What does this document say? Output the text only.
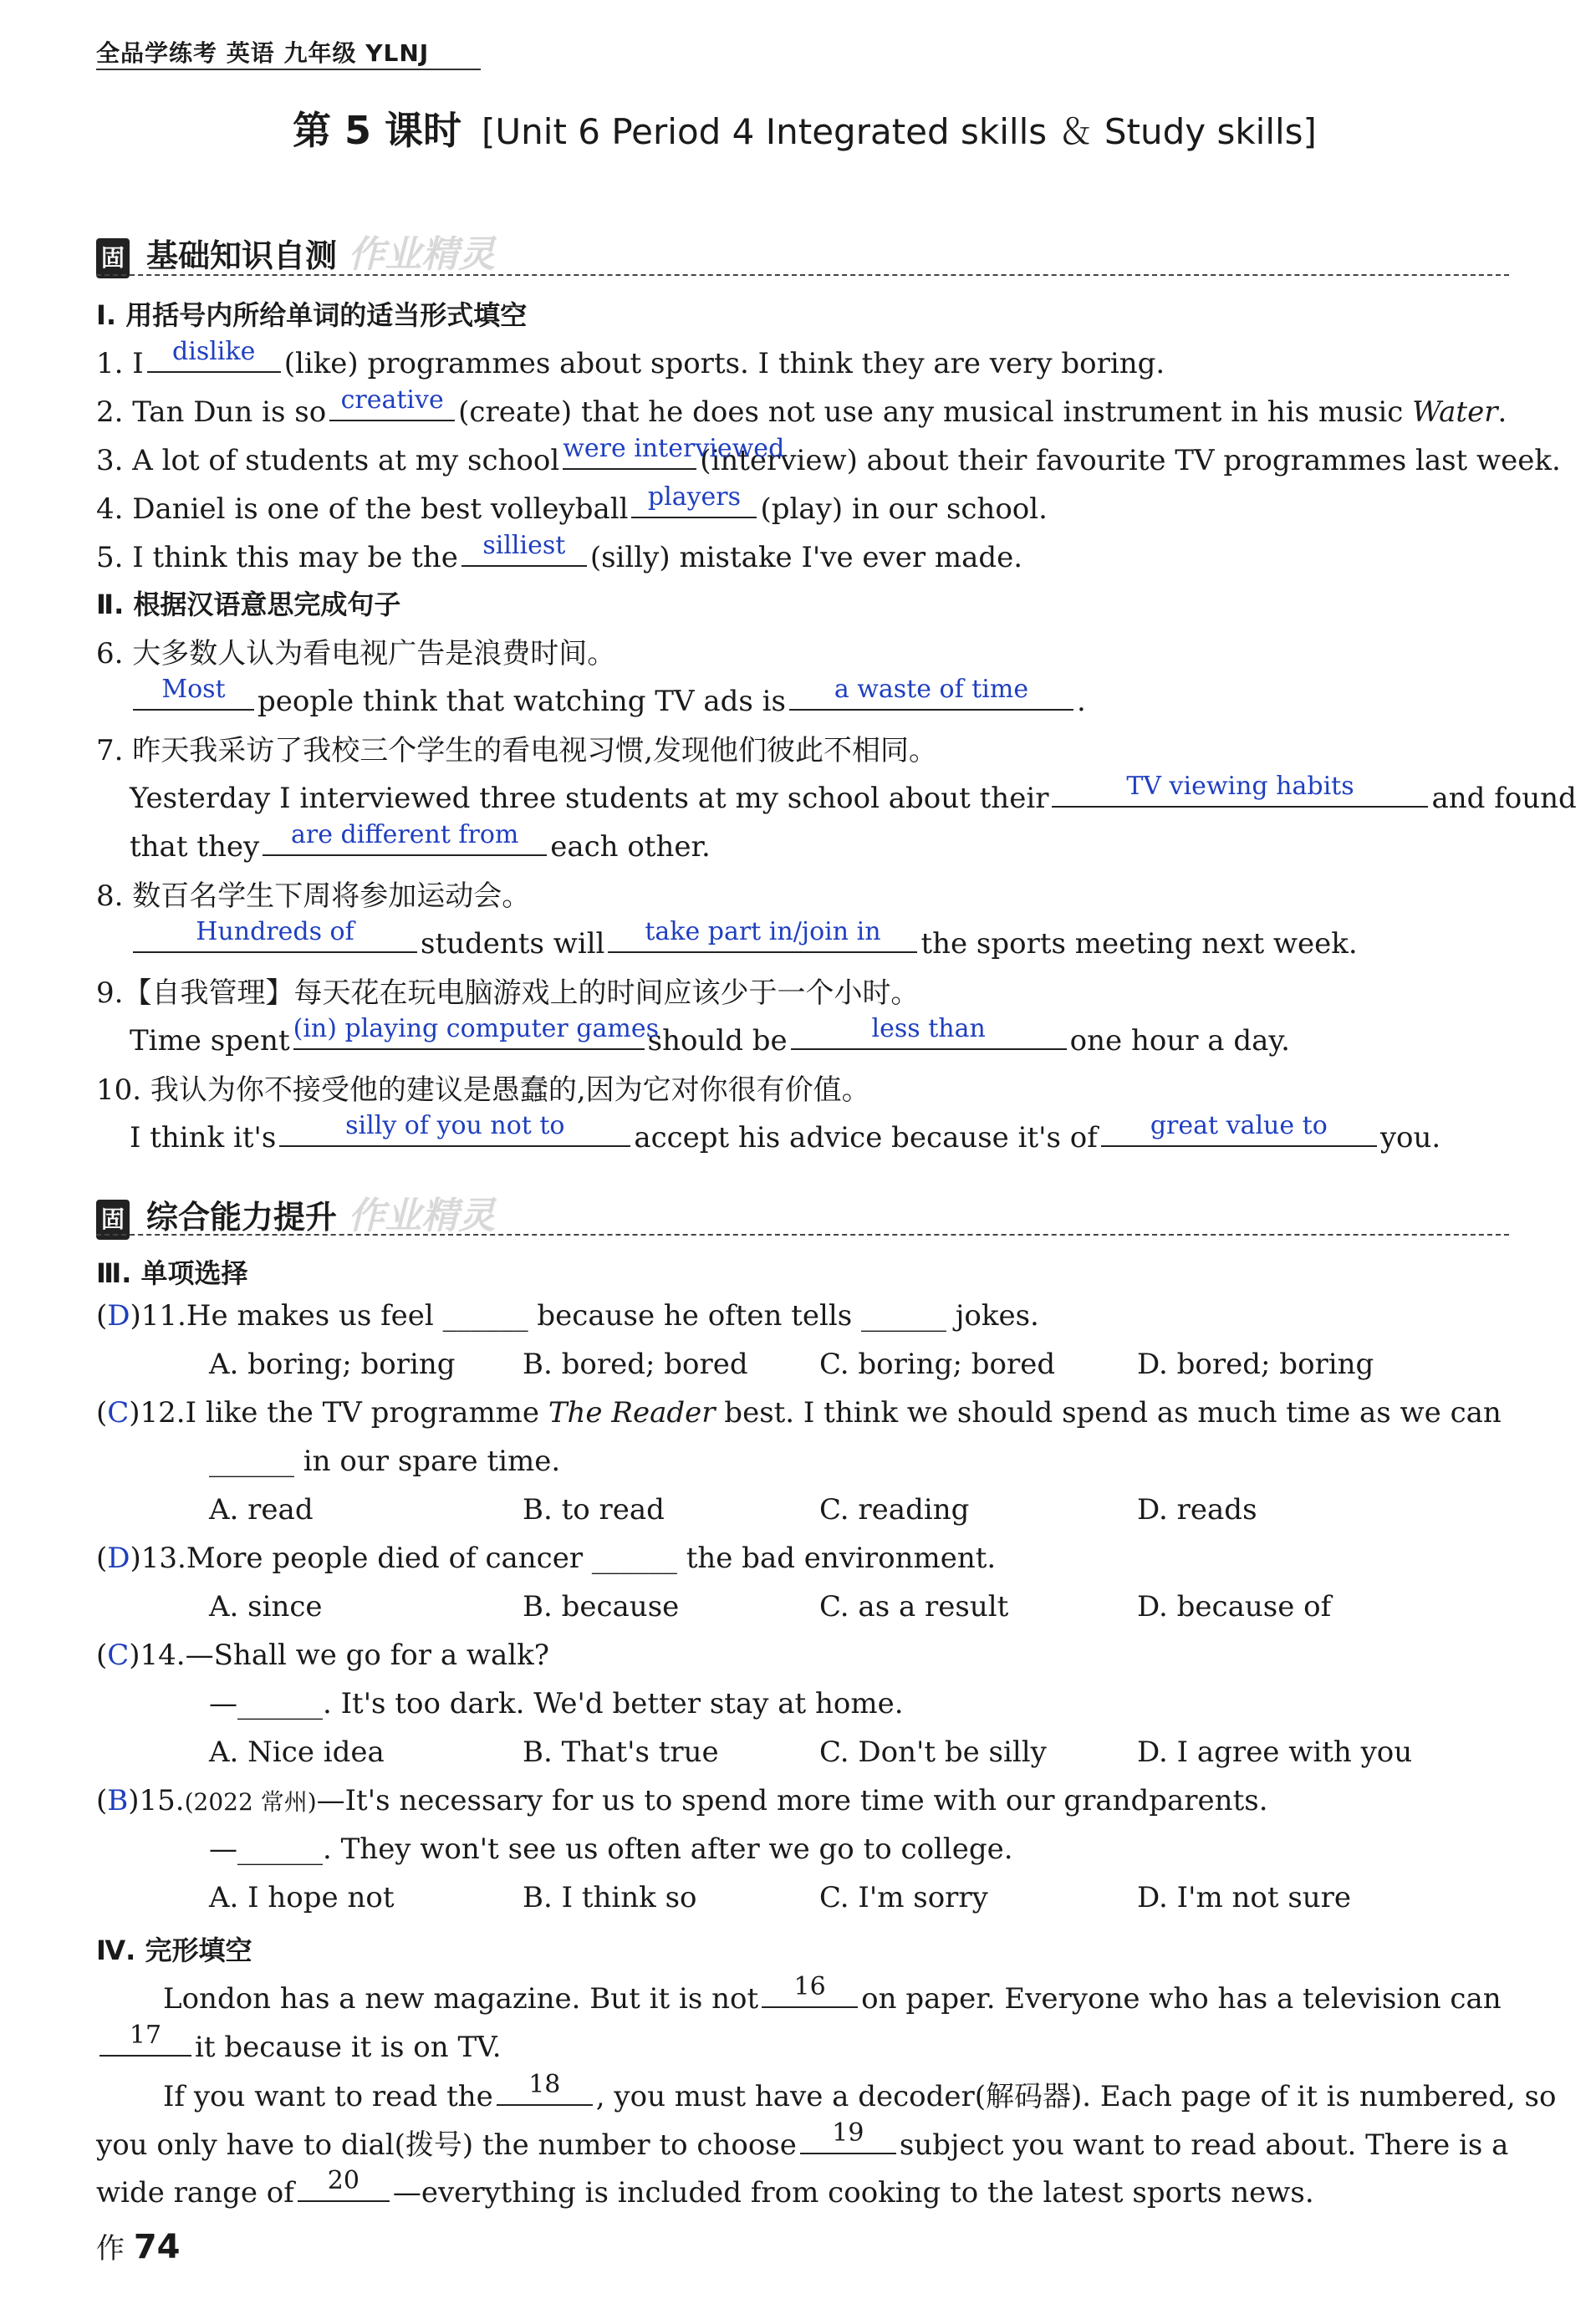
全品学练考 英语 九年级 YLNJ
第 5 课时 [Unit 6 Period 4 Integrated skills ＆ Study skills]
固 基础知识自测 作业精灵
Ⅰ. 用括号内所给单词的适当形式填空
1. I	dislike	(like) programmes about sports. I think they are very boring.
2. Tan Dun is so creative (create) that he does not use any musical instrument in his music Water.
3. A lot of students at my school were interviewed
(interview) about their favourite TV programmes last week.
4. Daniel is one of the best volleyball players (play) in our school.
5. I think this may be the silliest (silly) mistake I've ever made.
Ⅱ. 根据汉语意思完成句子
6. 大多数人认为看电视广告是浪费时间。
Most	people think that watching TV ads is	a waste of time	.
7. 昨天我采访了我校三个学生的看电视习惯,发现他们彼此不相同。
Yesterday I interviewed three students at my school about their	TV viewing habits	and found
that they	are different from	each other.
8. 数百名学生下周将参加运动会。
Hundreds of	students will	take part in/join in	the sports meeting next week.
9.【自我管理】每天花在玩电脑游戏上的时间应该少于一个小时。
Time spent (in) playing computer games
should be	less than	one hour a day.
10. 我认为你不接受他的建议是愚蠢的,因为它对你很有价值。
I think it's	silly of you not to	accept his advice because it's of	great value to	you.
固 综合能力提升 作业精灵
Ⅲ. 单项选择
(D)11.He makes us feel ______ because he often tells ______ jokes.
A. boring; boring B. bored; bored	C. boring; bored	D. bored; boring
(C)12.I like the TV programme The Reader best. I think we should spend as much time as we can
______ in our spare time.
A. read	B. to read	C. reading	D. reads
(D)13.More people died of cancer ______ the bad environment.
A. since	B. because	C. as a result	D. because of
(C)14.—Shall we go for a walk?
—______. It's too dark. We'd better stay at home.
A. Nice idea	B. That's true	C. Don't be silly	D. I agree with you
(B)15.(2022 常州)—It's necessary for us to spend more time with our grandparents.
—______. They won't see us often after we go to college.
A. I hope not	B. I think so	C. I'm sorry	D. I'm not sure
Ⅳ. 完形填空
London has a new magazine. But it is not	16	on paper. Everyone who has a television can
17	it because it is on TV.
If you want to read the	18	, you must have a decoder(解码器). Each page of it is numbered, so
you only have to dial(拨号) the number to choose	19	subject you want to read about. There is a
wide range of	20	—everything is included from cooking to the latest sports news.
作 74
